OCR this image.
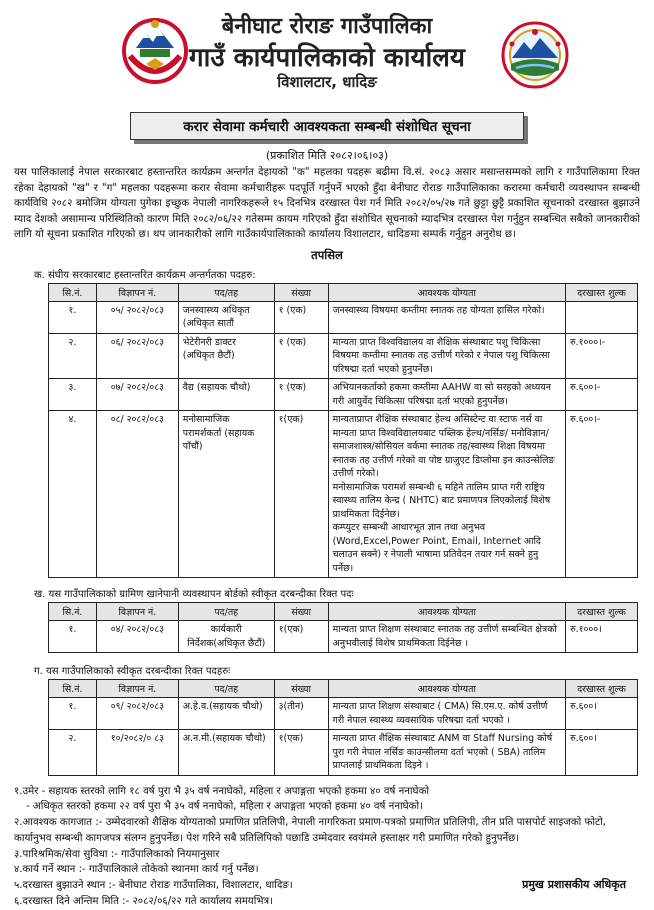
बेनीघाट रोराङ गाउँपालिका
गाउँ कार्यपालिकाको कार्यालय
विशालटार, धादिङ
करार सेवामा कर्मचारी आवश्यकता सम्बन्धी संशोधित सूचना
(प्रकाशित मिति २०८२।०६।०३)
यस पालिकालाई नेपाल सरकारबाट हस्तान्तरित कार्यक्रम अन्तर्गत देहायको "क" महलका पदहरू बढीमा वि.सं. २०८३ असार मसान्तसम्मको लागि र गाउँपालिकामा रिक्त रहेका देहायको "ख" र "ग" महलका पदहरूमा करार सेवामा कर्मचारीहरू पदपूर्ति गर्नुपर्ने भएको हुँदा बेनीघाट रोराङ गाउँपालिकाका करारमा कर्मचारी व्यवस्थापन सम्बन्धी कार्यविधि २०८२ बमोजिम योग्यता पुगेका इच्छुक नेपाली नागरिकहरूले १५ दिनभित्र दरखास्त पेश गर्न मिति २०८२/०५/२७ गते छुट्टा छुट्टै प्रकाशित सूचनाको दरखास्त बुझाउने म्याद देशको असामान्य परिस्थितिको कारण मिति २०८२/०६/२२ गतेसम्म कायम गरिएको हुँदा संशोधित सूचनाको म्यादभित्र दरखास्त पेश गर्नुहुन सम्बन्धित सबैको जानकारीको लागि यो सूचना प्रकाशित गरिएको छ। थप जानकारीको लागि गाउँकार्यपालिकाको कार्यालय विशालटार, धादिङमा सम्पर्क गर्नुहुन अनुरोध छ।
तपसिल
क. संघीय सरकारबाट हस्तान्तरित कार्यक्रम अन्तर्गतका पदहरु:
सि.नं.	विज्ञापन नं.	पद/तह	संख्या	आवश्यक योग्यता	दरखास्त शुल्क
१.	०५/ २०८२/०८३	जनस्वास्थ्य अधिकृत (अधिकृत सातौं	१ (एक)	जनस्वास्थ्य विषयमा कम्तीमा स्नातक तह योग्यता हासिल गरेको।	
२.	०६/ २०८२/०८३	भेटेरीनरी डाक्टर (अधिकृत छैटौं)	१ (एक)	मान्यता प्राप्त विश्वविद्यालय वा शैक्षिक संस्थाबाट पशु चिकित्सा विषयमा कम्तीमा स्नातक तह उत्तीर्ण गरेको र नेपाल पशु चिकित्सा परिषद्मा दर्ता भएको हुनुपर्नेछ।	रु.१०००।-
३.	०७/ २०८२/०८३	वैद्य (सहायक चौथो)	१ (एक)	अभियानकर्ताको हकमा कम्तीमा AAHW वा सो सरहको अध्ययन गरी आयुर्वेद चिकित्सा परिषद्मा दर्ता भएको हुनुपर्नेछ।	रु.६००।-
४.	०८/ २०८२/०८३	मनोसामाजिक परामर्शकर्ता (सहायक पाँचौं)	१(एक)	मान्यताप्राप्त शैक्षिक संस्थाबाट हेल्थ असिस्टेन्ट वा स्टाफ नर्स वा मान्यता प्राप्त विश्वविद्यालयबाट पब्लिक हेल्थ/नर्सिङ/ मनोविज्ञान/ समाजशास्त्र/सोसियल वर्कमा स्नातक तह/स्वास्थ्य शिक्षा विषयमा स्नातक तह उत्तीर्ण गरेको वा पोष्ट ग्राजुएट डिप्लोमा इन काउन्सेलिङ उत्तीर्ण गरेको।
मनोसामाजिक परामर्श सम्बन्धी ६ महिने तालिम प्राप्त गरी राष्ट्रिय स्वास्थ्य तालिम केन्द्र ( NHTC) बाट प्रमाणपत्र लिएकोलाई विशेष प्राथमिकता दिईनेछ।
कम्प्युटर सम्बन्धी आधारभूत ज्ञान तथा अनुभव (Word,Excel,Power Point, Email, Internet आदि चलाउन सक्ने) र नेपाली भाषामा प्रतिवेदन तयार गर्न सक्ने हुनु पर्नेछ।	रु.६००।-
ख. यस गाउँपालिकाको ग्रामिण खानेपानी व्यवस्थापन बोर्डको स्वीकृत दरबन्दीका रिक्त पदः
सि.नं.	विज्ञापन नं.	पद/तह	संख्या	आवश्यक योग्यता	दरखास्त शुल्क
१.	०४/ २०८२/०८३	कार्यकारी निर्देशक(अधिकृत छैटौं)	१(एक)	मान्यता प्राप्त शिक्षण संस्थाबाट स्नातक तह उत्तीर्ण सम्बन्धित क्षेत्रको अनुभवीलाई विशेष प्राथमिकता दिईनेछ ।	रु.१०००।
ग. यस गाउँपालिकाको स्वीकृत दरबन्दीका रिक्त पदहरुः
सि.नं.	विज्ञापन नं.	पद/तह	संख्या	आवश्यक योग्यता	दरखास्त शुल्क
१.	०९/ २०८२/०८३	अ.हे.व.(सहायक चौथो)	३(तीन)	मान्यता प्राप्त शिक्षण संस्थाबाट ( CMA) सि.एम.ए. कोर्ष उत्तीर्ण गरी नेपाल स्वास्थ्य व्यवसायिक परिषद्मा दर्ता भएको ।	रु.६००।
२.	१०/२०८२/० ८३	अ.न.मी.(सहायक चौथो)	१(एक)	मान्यता प्राप्त शैक्षिक संस्थाबाट ANM वा Staff Nursing कोर्ष पुरा गरी नेपाल नर्सिङ काउन्सीलमा दर्ता भएको ( SBA) तालिम प्राप्तलाई प्राथमिकता दिइने ।	रु.६००।
१.उमेर - सहायक स्तरको लागि १८ वर्ष पुरा भै ३५ वर्ष ननाघेको, महिला र अपाङ्गता भएको हकमा ४० वर्ष ननाघेको
- अधिकृत स्तरको हकमा २२ वर्ष पुरा भै ३५ वर्ष ननाघेको, महिला र अपाङ्गता भएको हकमा ४० वर्ष ननाघेको।
२.आवश्यक कागजात :- उम्मेदवारको शैक्षिक योग्यताको प्रमाणित प्रतिलिपी, नेपाली नागरिकता प्रमाण-पत्रको प्रमाणित प्रतिलिपी, तीन प्रति पासपोर्ट साइजको फोटो, कार्यानुभव सम्बन्धी कागजपत्र संलग्न हुनुपर्नेछ। पेश गरिने सबै प्रतिलिपिको पछाडि उम्मेदवार स्वयंमले हस्ताक्षर गरी प्रमाणित गरेको हुनुपर्नेछ।
३.पारिश्रमिक/सेवा सुविधा :- गाउँपालिकाको नियमानुसार
४.कार्य गर्ने स्थान :- गाउँपालिकाले तोकेको स्थानमा कार्य गर्नु पर्नेछ।
५.दरखास्त बुझाउने स्थान :- बेनीघाट रोराङ गाउँपालिका, विशालटार, धादिङ।
६.दरखास्त दिने अन्तिम मिति :- २०८२/०६/२२ गते कार्यालय समयभित्र।
प्रमुख प्रशासकीय अधिकृत
